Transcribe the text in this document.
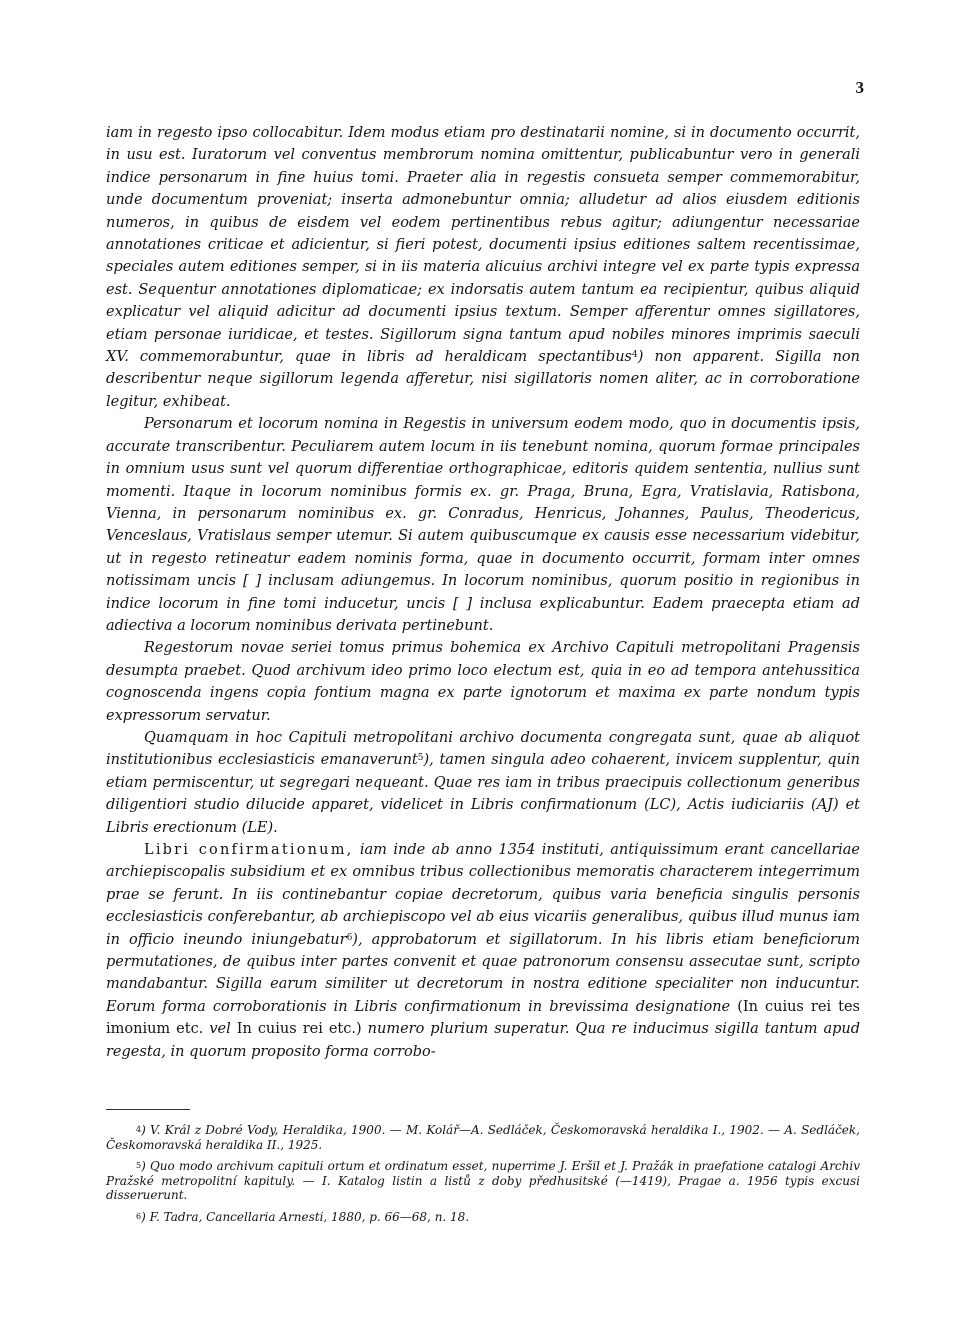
3

iam in regesto ipso collocabitur. Idem modus etiam pro destinatarii nomine, si in documento occurrit, in usu est. Iuratorum vel conventus membrorum nomina omittentur, publicabuntur vero in generali indice personarum in fine huius tomi. Praeter alia in regestis consueta semper commemorabitur, unde documentum proveniat; inserta admonebuntur omnia; alludetur ad alios eiusdem editionis numeros, in quibus de eisdem vel eodem pertinentibus rebus agitur; adiungentur necessariae annotationes criticae et adicientur, si fieri potest, documenti ipsius editiones saltem recentissimae, speciales autem editiones semper, si in iis materia alicuius archivi integre vel ex parte typis expressa est. Sequentur annotationes diplomaticae; ex indorsatis autem tantum ea recipientur, quibus aliquid explicatur vel aliquid adicitur ad documenti ipsius textum. Semper afferentur omnes sigillatores, etiam personae iuridicae, et testes. Sigillorum signa tantum apud nobiles minores imprimis saeculi XV. commemorabuntur, quae in libris ad heraldicam spectantibus$^4$) non apparent. Sigilla non describentur neque sigillorum legenda afferetur, nisi sigillatoris nomen aliter, ac in corroboratione legitur, exhibeat.

Personarum et locorum nomina in Regestis in universum eodem modo, quo in documentis ipsis, accurate transcribentur. Peculiarem autem locum in iis tenebunt nomina, quorum formae principales in omnium usus sunt vel quorum differentiae orthographicae, editoris quidem sententia, nullius sunt momenti. Itaque in locorum nominibus formis ex. gr. Praga, Bruna, Egra, Vratislavia, Ratisbona, Vienna, in personarum nominibus ex. gr. Conradus, Henricus, Johannes, Paulus, Theodericus, Venceslaus, Vratislaus semper utemur. Si autem quibuscumque ex causis esse necessarium videbitur, ut in regesto retineatur eadem nominis forma, quae in documento occurrit, formam inter omnes notissimam uncis [ ] inclusam adiungemus. In locorum nominibus, quorum positio in regionibus in indice locorum in fine tomi inducetur, uncis [ ] inclusa explicabuntur. Eadem praecepta etiam ad adiectiva a locorum nominibus derivata pertinebunt.

Regestorum novae seriei tomus primus bohemica ex Archivo Capituli metropolitani Pragensis desumpta praebet. Quod archivum ideo primo loco electum est, quia in eo ad tempora antehussitica cognoscenda ingens copia fontium magna ex parte ignotorum et maxima ex parte nondum typis expressorum servatur.

Quamquam in hoc Capituli metropolitani archivo documenta congregata sunt, quae ab aliquot institutionibus ecclesiasticis emanaverunt$^5$), tamen singula adeo cohaerent, invicem supplentur, quin etiam permiscentur, ut segregari nequeant. Quae res iam in tribus praecipuis collectionum generibus diligentiori studio dilucide apparet, videlicet in Libris confirmationum (LC), Actis iudiciariis (AJ) et Libris erectionum (LE).

Libri confirmationum, iam inde ab anno 1354 instituti, antiquissimum erant cancellariae archiepiscopalis subsidium et ex omnibus tribus collectionibus memoratis characterem integerrimum prae se ferunt. In iis continebantur copiae decretorum, quibus varia beneficia singulis personis ecclesiasticis conferebantur, ab archiepiscopo vel ab eius vicariis generalibus, quibus illud munus iam in officio ineundo iniungebatur$^6$), approbatorum et sigillatorum. In his libris etiam beneficiorum permutationes, de quibus inter partes convenit et quae patronorum consensu assecutae sunt, scripto mandabantur. Sigilla earum similiter ut decretorum in nostra editione specialiter non inducuntur. Eorum forma corroborationis in Libris confirmationum in brevissima designatione (In cuius rei tes imonium etc. vel In cuius rei etc.) numero plurium superatur. Qua re inducimus sigilla tantum apud regesta, in quorum proposito forma corrobo-

$^4$) V. Král z Dobré Vody, Heraldika, 1900. — M. Kolář—A. Sedláček, Českomoravská heraldika I., 1902. — A. Sedláček, Českomoravská heraldika II., 1925.

$^5$) Quo modo archivum capituli ortum et ordinatum esset, nuperrime J. Eršil et J. Pražák in praefatione catalogi Archiv Pražské metropolitní kapituly. — I. Katalog listin a listů z doby předhusitské (—1419), Pragae a. 1956 typis excusi disseruerunt.

$^6$) F. Tadra, Cancellaria Arnesti, 1880, p. 66—68, n. 18.
